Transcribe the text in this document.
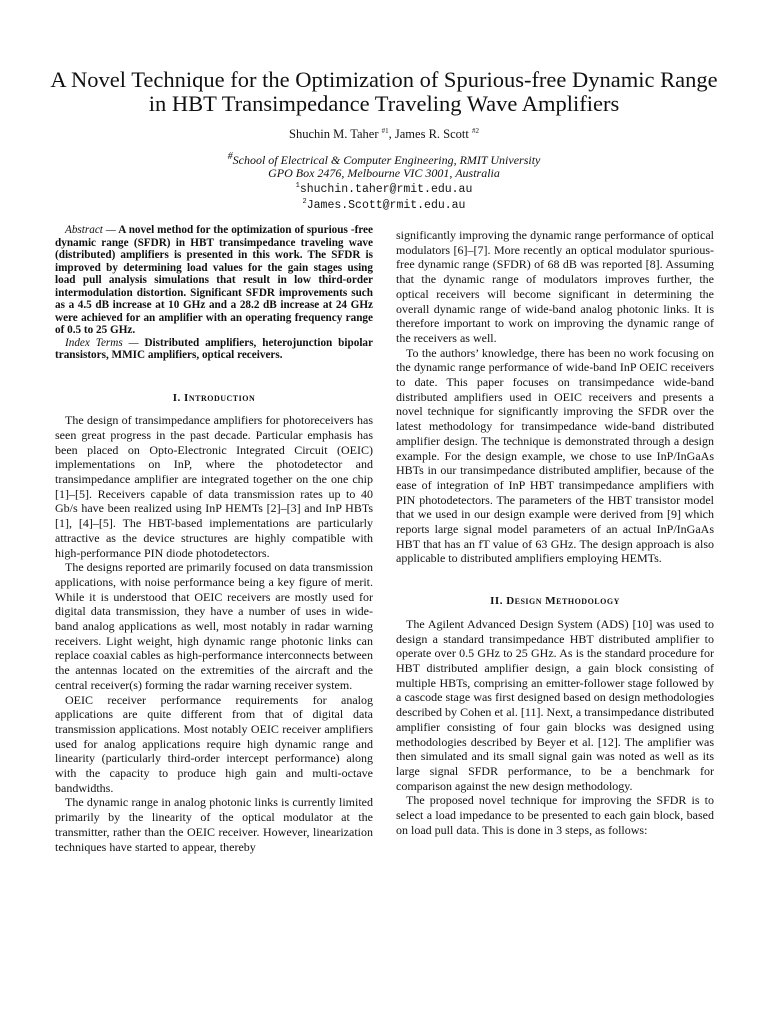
A Novel Technique for the Optimization of Spurious-free Dynamic Range in HBT Transimpedance Traveling Wave Amplifiers
Shuchin M. Taher $^{\#1}$, James R. Scott $^{\#2}$
#School of Electrical & Computer Engineering, RMIT University
GPO Box 2476, Melbourne VIC 3001, Australia
$^1$shuchin.taher@rmit.edu.au
$^2$James.Scott@rmit.edu.au

Abstract — A novel method for the optimization of spurious -free dynamic range (SFDR) in HBT transimpedance traveling wave (distributed) amplifiers is presented in this work. The SFDR is improved by determining load values for the gain stages using load pull analysis simulations that result in low third-order intermodulation distortion. Significant SFDR improvements such as a 4.5 dB increase at 10 GHz and a 28.2 dB increase at 24 GHz were achieved for an amplifier with an operating frequency range of 0.5 to 25 GHz.

Index Terms — Distributed amplifiers, heterojunction bipolar transistors, MMIC amplifiers, optical receivers.

I. Introduction

The design of transimpedance amplifiers for photoreceivers has seen great progress in the past decade. Particular emphasis has been placed on Opto-Electronic Integrated Circuit (OEIC) implementations on InP, where the photodetector and transimpedance amplifier are integrated together on the one chip [1]–[5]. Receivers capable of data transmission rates up to 40 Gb/s have been realized using InP HEMTs [2]–[3] and InP HBTs [1], [4]–[5]. The HBT-based implementations are particularly attractive as the device structures are highly compatible with high-performance PIN diode photodetectors.

The designs reported are primarily focused on data transmission applications, with noise performance being a key figure of merit. While it is understood that OEIC receivers are mostly used for digital data transmission, they have a number of uses in wide-band analog applications as well, most notably in radar warning receivers. Light weight, high dynamic range photonic links can replace coaxial cables as high-performance interconnects between the antennas located on the extremities of the aircraft and the central receiver(s) forming the radar warning receiver system.

OEIC receiver performance requirements for analog applications are quite different from that of digital data transmission applications. Most notably OEIC receiver amplifiers used for analog applications require high dynamic range and linearity (particularly third-order intercept performance) along with the capacity to produce high gain and multi-octave bandwidths.

The dynamic range in analog photonic links is currently limited primarily by the linearity of the optical modulator at the transmitter, rather than the OEIC receiver. However, linearization techniques have started to appear, thereby

significantly improving the dynamic range performance of optical modulators [6]–[7]. More recently an optical modulator spurious-free dynamic range (SFDR) of 68 dB was reported [8]. Assuming that the dynamic range of modulators improves further, the optical receivers will become significant in determining the overall dynamic range of wide-band analog photonic links. It is therefore important to work on improving the dynamic range of the receivers as well.

To the authors’ knowledge, there has been no work focusing on the dynamic range performance of wide-band InP OEIC receivers to date. This paper focuses on transimpedance wide-band distributed amplifiers used in OEIC receivers and presents a novel technique for significantly improving the SFDR over the latest methodology for transimpedance wide-band distributed amplifier design. The technique is demonstrated through a design example. For the design example, we chose to use InP/InGaAs HBTs in our transimpedance distributed amplifier, because of the ease of integration of InP HBT transimpedance amplifiers with PIN photodetectors. The parameters of the HBT transistor model that we used in our design example were derived from [9] which reports large signal model parameters of an actual InP/InGaAs HBT that has an fT value of 63 GHz. The design approach is also applicable to distributed amplifiers employing HEMTs.

II. Design Methodology

The Agilent Advanced Design System (ADS) [10] was used to design a standard transimpedance HBT distributed amplifier to operate over 0.5 GHz to 25 GHz. As is the standard procedure for HBT distributed amplifier design, a gain block consisting of multiple HBTs, comprising an emitter-follower stage followed by a cascode stage was first designed based on design methodologies described by Cohen et al. [11]. Next, a transimpedance distributed amplifier consisting of four gain blocks was designed using methodologies described by Beyer et al. [12]. The amplifier was then simulated and its small signal gain was noted as well as its large signal SFDR performance, to be a benchmark for comparison against the new design methodology.

The proposed novel technique for improving the SFDR is to select a load impedance to be presented to each gain block, based on load pull data. This is done in 3 steps, as follows:
